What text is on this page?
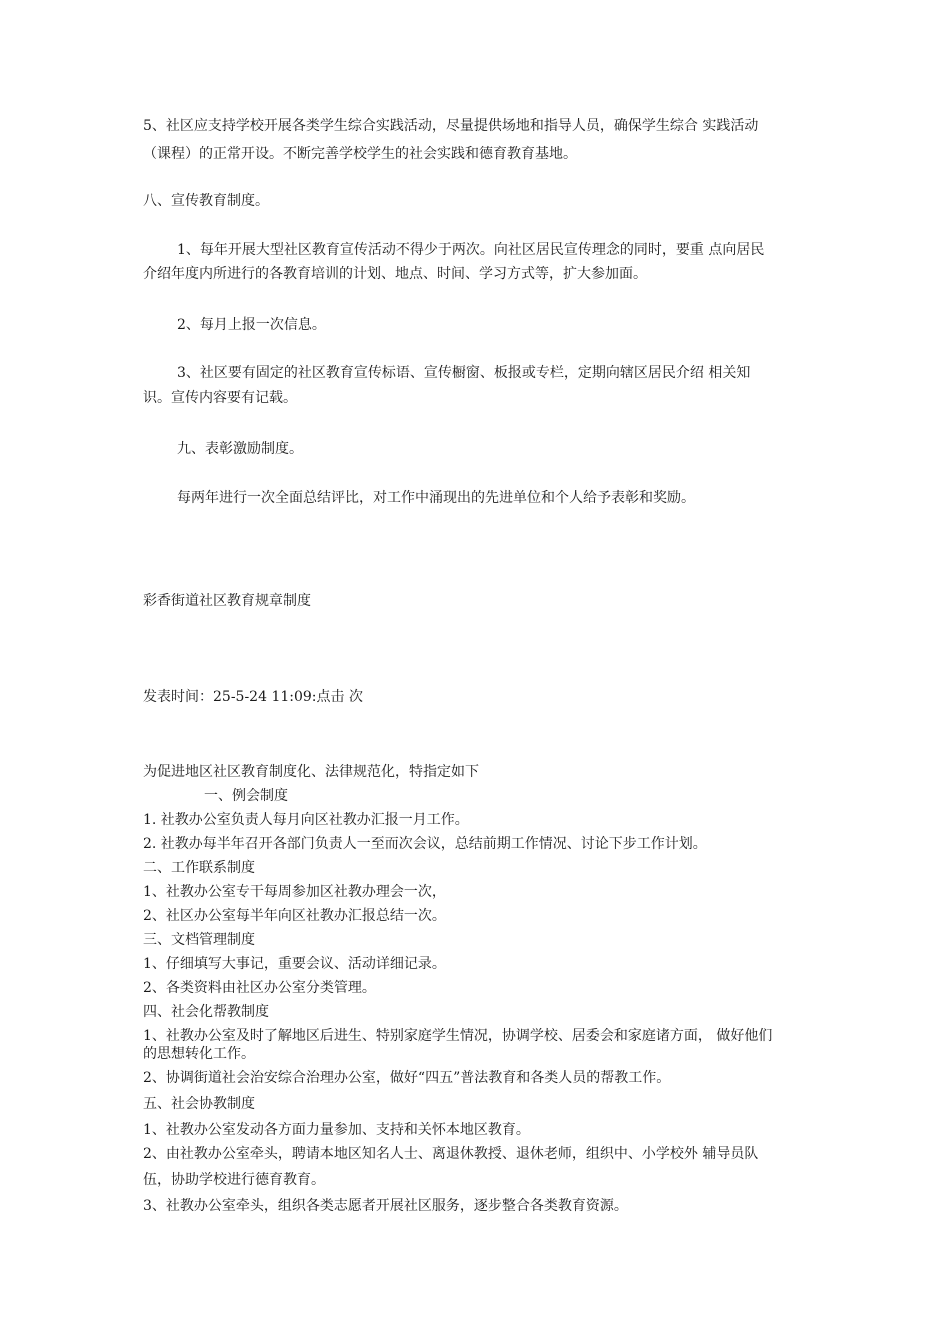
5、社区应支持学校开展各类学生综合实践活动，尽量提供场地和指导人员，确保学生综合 实践活动
（课程）的正常开设。不断完善学校学生的社会实践和德育教育基地。
八、宣传教育制度。
1、每年开展大型社区教育宣传活动不得少于两次。向社区居民宣传理念的同时，要重 点向居民
介绍年度内所进行的各教育培训的计划、地点、时间、学习方式等，扩大参加面。
2、每月上报一次信息。
3、社区要有固定的社区教育宣传标语、宣传橱窗、板报或专栏，定期向辖区居民介绍 相关知
识。宣传内容要有记载。
九、表彰激励制度。
每两年进行一次全面总结评比，对工作中涌现出的先进单位和个人给予表彰和奖励。
彩香街道社区教育规章制度
发表时间：25-5-24 11:09:点击 次
为促进地区社区教育制度化、法律规范化，特指定如下
一、例会制度
1. 社教办公室负责人每月向区社教办汇报一月工作。
2. 社教办每半年召开各部门负责人一至而次会议，总结前期工作情况、讨论下步工作计划。
二、工作联系制度
1、社教办公室专干每周参加区社教办理会一次，
2、社区办公室每半年向区社教办汇报总结一次。
三、文档管理制度
1、仔细填写大事记，重要会议、活动详细记录。
2、各类资料由社区办公室分类管理。
四、社会化帮教制度
1、社教办公室及时了解地区后进生、特别家庭学生情况，协调学校、居委会和家庭诸方面， 做好他们
的思想转化工作。
2、协调街道社会治安综合治理办公室，做好“四五”普法教育和各类人员的帮教工作。
五、社会协教制度
1、社教办公室发动各方面力量参加、支持和关怀本地区教育。
2、由社教办公室牵头，聘请本地区知名人士、离退休教授、退休老师，组织中、小学校外 辅导员队
伍，协助学校进行德育教育。
3、社教办公室牵头，组织各类志愿者开展社区服务，逐步整合各类教育资源。
